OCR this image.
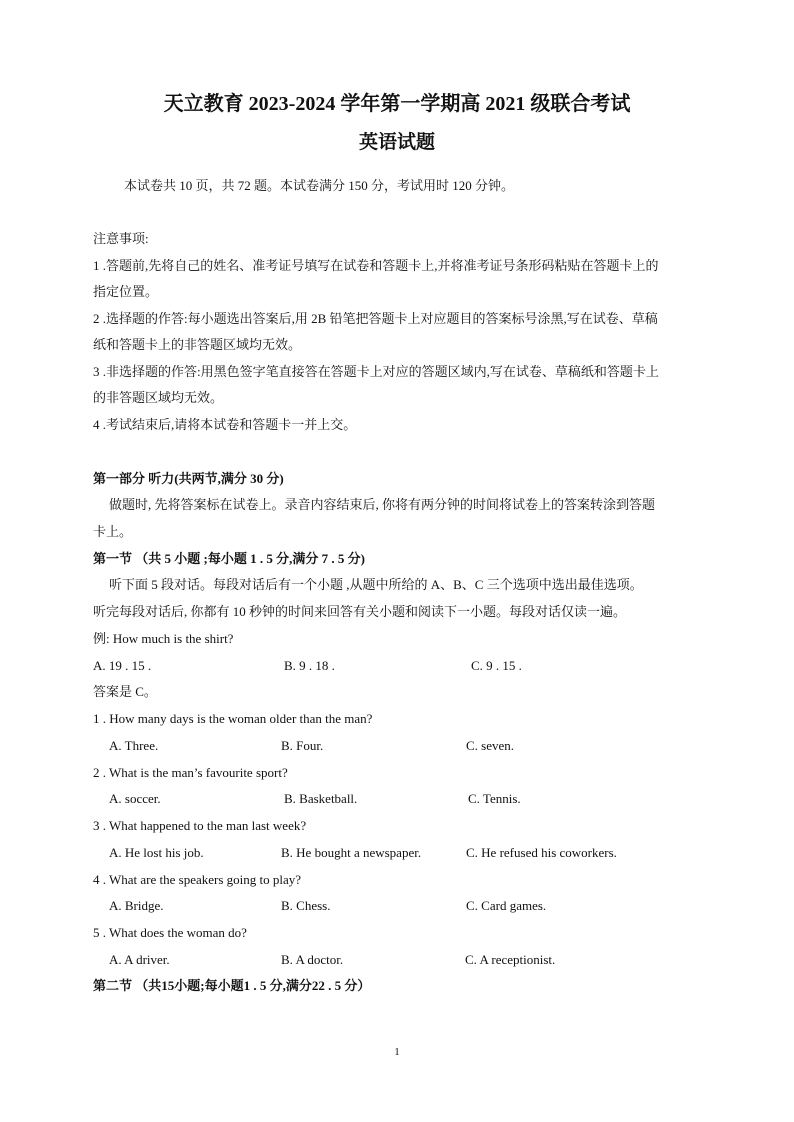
天立教育 2023-2024 学年第一学期高 2021 级联合考试
英语试题
本试卷共 10 页，共 72 题。本试卷满分 150 分，考试用时 120 分钟。
注意事项:
1 .答题前,先将自己的姓名、准考证号填写在试卷和答题卡上,并将准考证号条形码粘贴在答题卡上的
指定位置。
2 .选择题的作答:每小题选出答案后,用 2B 铅笔把答题卡上对应题目的答案标号涂黑,写在试卷、草稿
纸和答题卡上的非答题区域均无效。
3 .非选择题的作答:用黑色签字笔直接答在答题卡上对应的答题区域内,写在试卷、草稿纸和答题卡上
的非答题区域均无效。
4 .考试结束后,请将本试卷和答题卡一并上交。
第一部分 听力(共两节,满分 30 分)
做题时, 先将答案标在试卷上。录音内容结束后, 你将有两分钟的时间将试卷上的答案转涂到答题
卡上。
第一节 （共 5 小题 ;每小题 1 . 5 分,满分 7 . 5 分)
听下面 5 段对话。每段对话后有一个小题 ,从题中所给的 A、B、C 三个选项中选出最佳选项。
听完每段对话后, 你都有 10 秒钟的时间来回答有关小题和阅读下一小题。每段对话仅读一遍。
例: How much is the shirt?
A. 19 . 15 .	B. 9 . 18 .	C. 9 . 15 .
答案是 C。
1 . How many days is the woman older than the man?
A. Three.	B. Four.	C. seven.
2 . What is the man’s favourite sport?
A. soccer.	B. Basketball.	C. Tennis.
3 . What happened to the man last week?
A. He lost his job.	B. He bought a newspaper.	C. He refused his coworkers.
4 . What are the speakers going to play?
A. Bridge.	B. Chess.	C. Card games.
5 . What does the woman do?
A. A driver.	B. A doctor.	C. A receptionist.
第二节 （共15小题;每小题1 . 5 分,满分22 . 5 分）
1
